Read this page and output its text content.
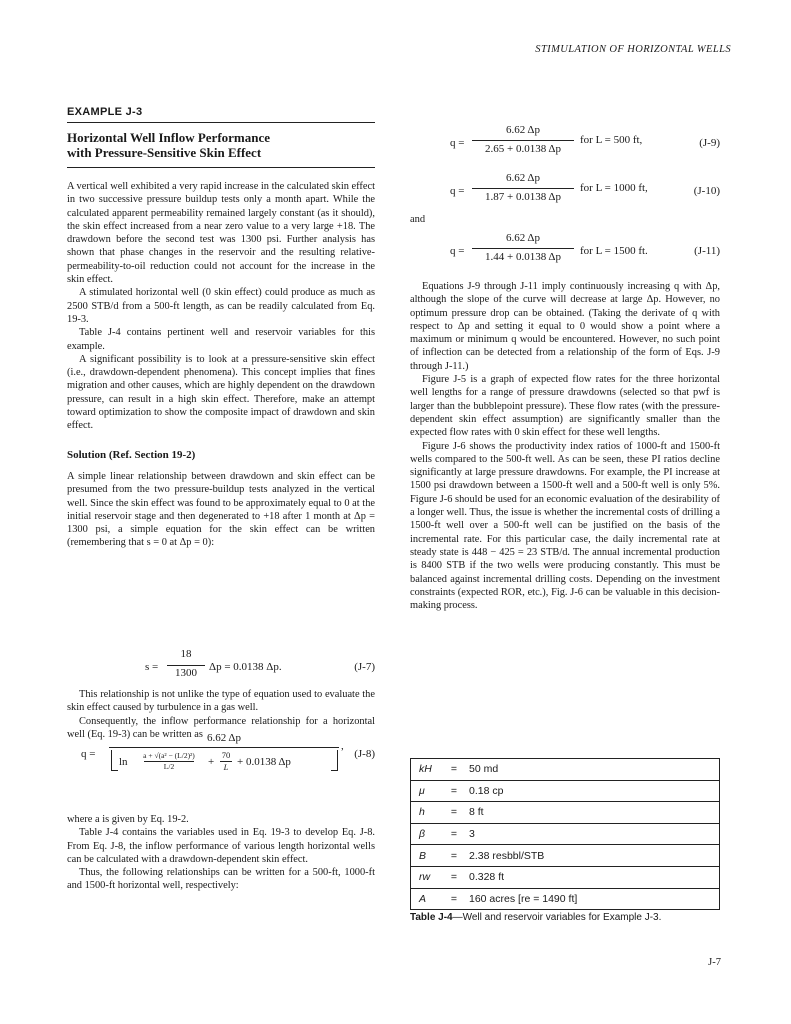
STIMULATION OF HORIZONTAL WELLS
EXAMPLE J-3
Horizontal Well Inflow Performance
with Pressure-Sensitive Skin Effect

A vertical well exhibited a very rapid increase in the calculated skin effect in two successive pressure buildup tests only a month apart. While the calculated apparent permeability remained largely constant (as it should), the skin effect increased from a near zero value to a very large +18. The drawdown before the second test was 1300 psi. Further analysis has shown that phase changes in the reservoir and the resulting relative-permeability-to-oil reduction could not account for the increase in the skin effect.

A stimulated horizontal well (0 skin effect) could produce as much as 2500 STB/d from a 500-ft length, as can be readily calculated from Eq. 19-3.

Table J-4 contains pertinent well and reservoir variables for this example.

A significant possibility is to look at a pressure-sensitive skin effect (i.e., drawdown-dependent phenomena). This concept implies that fines migration and other causes, which are highly dependent on the drawdown pressure, can result in a high skin effect. Therefore, make an attempt toward optimization to show the composite impact of drawdown and skin effect.

Solution (Ref. Section 19-2)

A simple linear relationship between drawdown and skin effect can be presumed from the two pressure-buildup tests analyzed in the vertical well. Since the skin effect was found to be approximately equal to 0 at the initial reservoir stage and then degenerated to +18 after 1 month at Δp = 1300 psi, a simple equation for the skin effect can be written (remembering that s = 0 at Δp = 0):

s =
18
1300	Δp = 0.0138 Δp.	(J-7)

This relationship is not unlike the type of equation used to evaluate the skin effect caused by turbulence in a gas well.

Consequently, the inflow performance relationship for a horizontal well (Eq. 19-3) can be written as

q =
6.62 Δp
ln
a + √(a² − (L/2)²)
L/2	+
70
L + 0.0138 Δp
,
(J-8)

where a is given by Eq. 19-2.

Table J-4 contains the variables used in Eq. 19-3 to develop Eq. J-8. From Eq. J-8, the inflow performance of various length horizontal wells can be calculated with a drawdown-dependent skin effect.

Thus, the following relationships can be written for a 500-ft, 1000-ft and 1500-ft horizontal well, respectively:

q =
6.62 Δp
2.65 + 0.0138 Δp
for L = 500 ft,	(J-9)
q =
6.62 Δp
1.87 + 0.0138 Δp
for L = 1000 ft,	(J-10)
and
q =
6.62 Δp
1.44 + 0.0138 Δp	for L = 1500 ft.	(J-11)

Equations J-9 through J-11 imply continuously increasing q with Δp, although the slope of the curve will decrease at large Δp. However, no optimum pressure drop can be obtained. (Taking the derivate of q with respect to Δp and setting it equal to 0 would show a point where a maximum or minimum q would be encountered. However, no such point of inflection can be detected from a relationship of the form of Eqs. J-9 through J-11.)

Figure J-5 is a graph of expected flow rates for the three horizontal well lengths for a range of pressure drawdowns (selected so that pwf is larger than the bubblepoint pressure). These flow rates (with the pressure-dependent skin effect assumption) are significantly smaller than the expected flow rates with 0 skin effect for these well lengths.

Figure J-6 shows the productivity index ratios of 1000-ft and 1500-ft wells compared to the 500-ft well. As can be seen, these PI ratios decline significantly at large pressure drawdowns. For example, the PI increase at 1500 psi drawdown between a 1500-ft well and a 500-ft well is only 5%. Figure J-6 should be used for an economic evaluation of the desirability of a longer well. Thus, the issue is whether the incremental costs of drilling a 1500-ft well over a 500-ft well can be justified on the basis of the incremental rate. For this particular case, the daily incremental rate at steady state is 448 − 425 = 23 STB/d. The annual incremental production is 8400 STB if the two wells were producing constantly. This must be balanced against incremental drilling costs. Depending on the investment constraints (expected ROR, etc.), Fig. J-6 can be valuable in this decision-making process.

kH	=	50 md
μ	=	0.18 cp
h	=	8 ft
β	=	3
B	=	2.38 resbbl/STB
rw	=	0.328 ft
A	=	160 acres [re = 1490 ft]
Table J-4—Well and reservoir variables for Example J-3.
J-7
